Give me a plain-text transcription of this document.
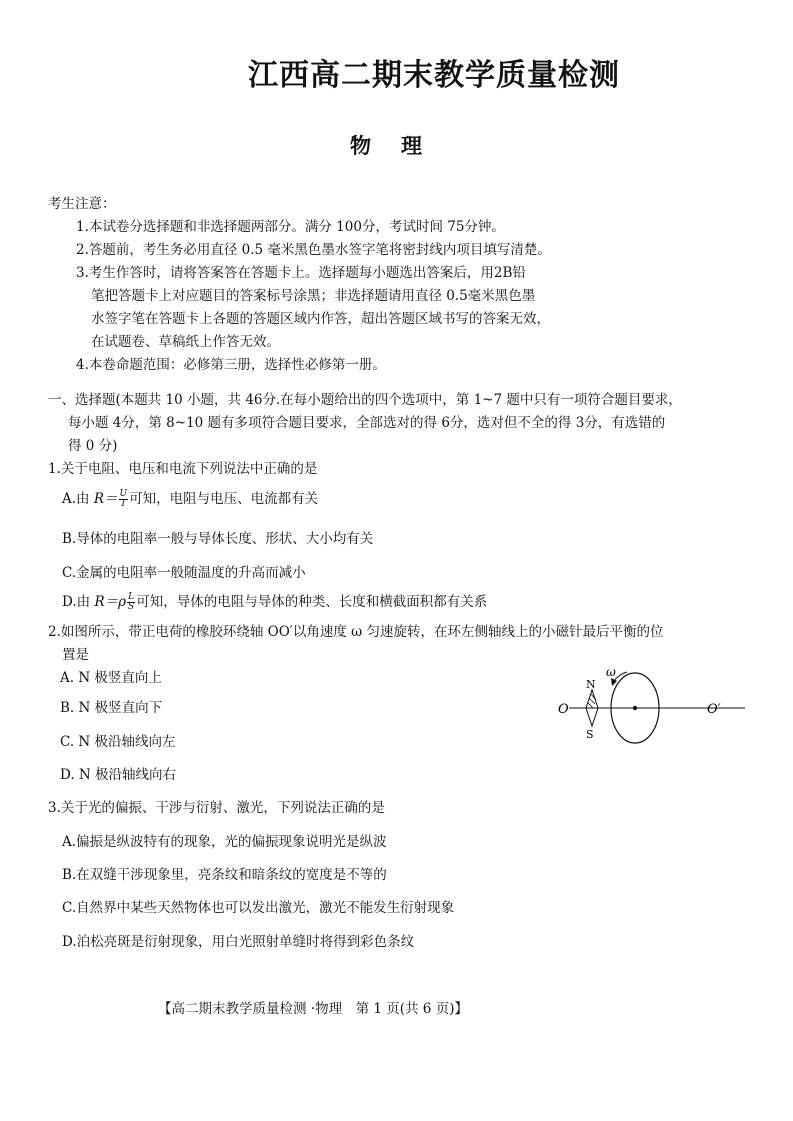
江西高二期末教学质量检测
物理
考生注意：
1.本试卷分选择题和非选择题两部分。满分 100分，考试时间 75分钟。
2.答题前，考生务必用直径 0.5 毫米黑色墨水签字笔将密封线内项目填写清楚。
3.考生作答时，请将答案答在答题卡上。选择题每小题选出答案后，用2B铅
笔把答题卡上对应题目的答案标号涂黑；非选择题请用直径 0.5毫米黑色墨
水签字笔在答题卡上各题的答题区域内作答，超出答题区域书写的答案无效，
在试题卷、草稿纸上作答无效。
4.本卷命题范围：必修第三册，选择性必修第一册。
一、选择题(本题共 10 小题，共 46分.在每小题给出的四个选项中，第 1~7 题中只有一项符合题目要求，
每小题 4分，第 8~10 题有多项符合题目要求，全部选对的得 6分，选对但不全的得 3分，有选错的
得 0 分)
1.关于电阻、电压和电流下列说法中正确的是
A.由 $R= \frac{U}{I}$ 可知，电阻与电压、电流都有关
B.导体的电阻率一般与导体长度、形状、大小均有关
C.金属的电阻率一般随温度的升高而减小
D.由 $R=\rho \frac{L}{S}$ 可知，导体的电阻与导体的种类、长度和横截面积都有关系
2.如图所示，带正电荷的橡胶环绕轴 OO′以角速度 ω 匀速旋转，在环左侧轴线上的小磁针最后平衡的位
置是
A. N 极竖直向上
B. N 极竖直向下
C. N 极沿轴线向左
D. N 极沿轴线向右
O	O′
ω
N
S
3.关于光的偏振、干涉与衍射、激光，下列说法正确的是
A.偏振是纵波特有的现象，光的偏振现象说明光是纵波
B.在双缝干涉现象里，亮条纹和暗条纹的宽度是不等的
C.自然界中某些天然物体也可以发出激光，激光不能发生衍射现象
D.泊松亮斑是衍射现象，用白光照射单缝时将得到彩色条纹
【高二期末教学质量检测 ·物理　第 1 页(共 6 页)】
